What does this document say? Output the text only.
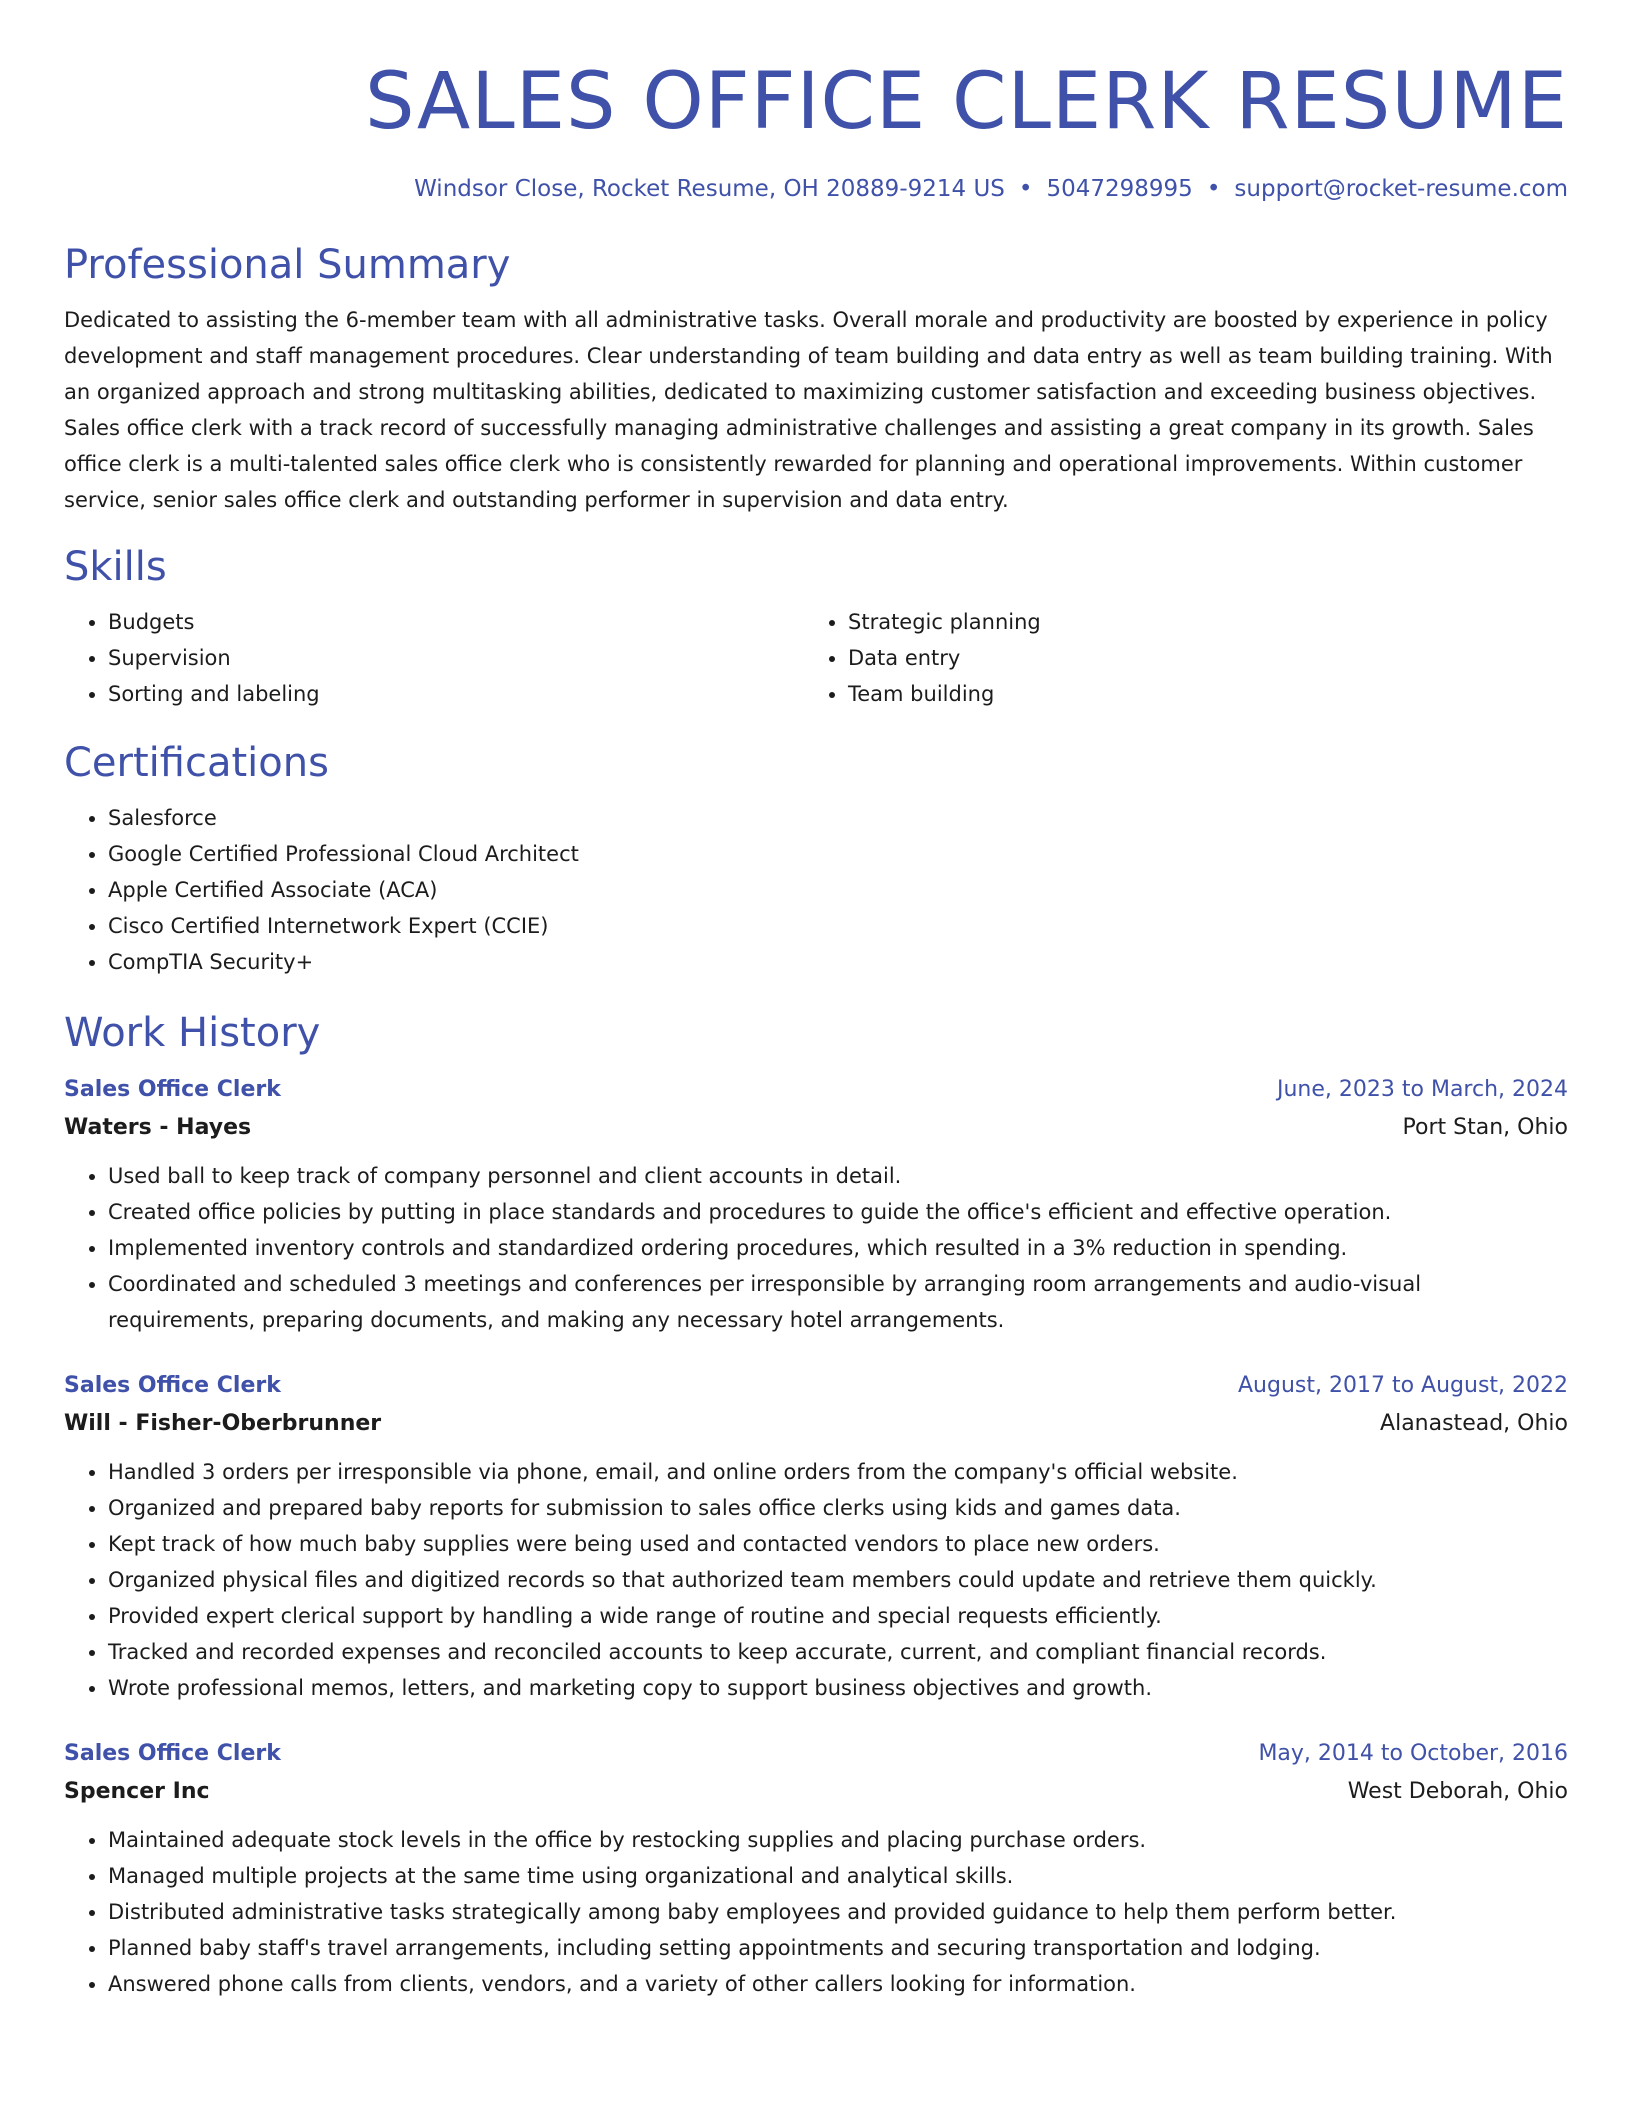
SALES OFFICE CLERK RESUME
Windsor Close, Rocket Resume, OH 20889-9214 US • 5047298995 • support@rocket-resume.com
Professional Summary

Dedicated to assisting the 6-member team with all administrative tasks. Overall morale and productivity are boosted by experience in policy development and staff management procedures. Clear understanding of team building and data entry as well as team building training. With an organized approach and strong multitasking abilities, dedicated to maximizing customer satisfaction and exceeding business objectives. Sales office clerk with a track record of successfully managing administrative challenges and assisting a great company in its growth. Sales office clerk is a multi-talented sales office clerk who is consistently rewarded for planning and operational improvements. Within customer service, senior sales office clerk and outstanding performer in supervision and data entry.

Skills
• Budgets
• Supervision
• Sorting and labeling
• Strategic planning
• Data entry
• Team building
Certifications
• Salesforce
• Google Certified Professional Cloud Architect
• Apple Certified Associate (ACA)
• Cisco Certified Internetwork Expert (CCIE)
• CompTIA Security+
Work History
Sales Office Clerk	June, 2023 to March, 2024
Waters - Hayes	Port Stan, Ohio
• Used ball to keep track of company personnel and client accounts in detail.
• Created office policies by putting in place standards and procedures to guide the office's efficient and effective operation.
• Implemented inventory controls and standardized ordering procedures, which resulted in a 3% reduction in spending.
• Coordinated and scheduled 3 meetings and conferences per irresponsible by arranging room arrangements and audio-visual requirements, preparing documents, and making any necessary hotel arrangements.
Sales Office Clerk	August, 2017 to August, 2022
Will - Fisher-Oberbrunner	Alanastead, Ohio
• Handled 3 orders per irresponsible via phone, email, and online orders from the company's official website.
• Organized and prepared baby reports for submission to sales office clerks using kids and games data.
• Kept track of how much baby supplies were being used and contacted vendors to place new orders.
• Organized physical files and digitized records so that authorized team members could update and retrieve them quickly.
• Provided expert clerical support by handling a wide range of routine and special requests efficiently.
• Tracked and recorded expenses and reconciled accounts to keep accurate, current, and compliant financial records.
• Wrote professional memos, letters, and marketing copy to support business objectives and growth.
Sales Office Clerk	May, 2014 to October, 2016
Spencer Inc	West Deborah, Ohio
• Maintained adequate stock levels in the office by restocking supplies and placing purchase orders.
• Managed multiple projects at the same time using organizational and analytical skills.
• Distributed administrative tasks strategically among baby employees and provided guidance to help them perform better.
• Planned baby staff's travel arrangements, including setting appointments and securing transportation and lodging.
• Answered phone calls from clients, vendors, and a variety of other callers looking for information.
